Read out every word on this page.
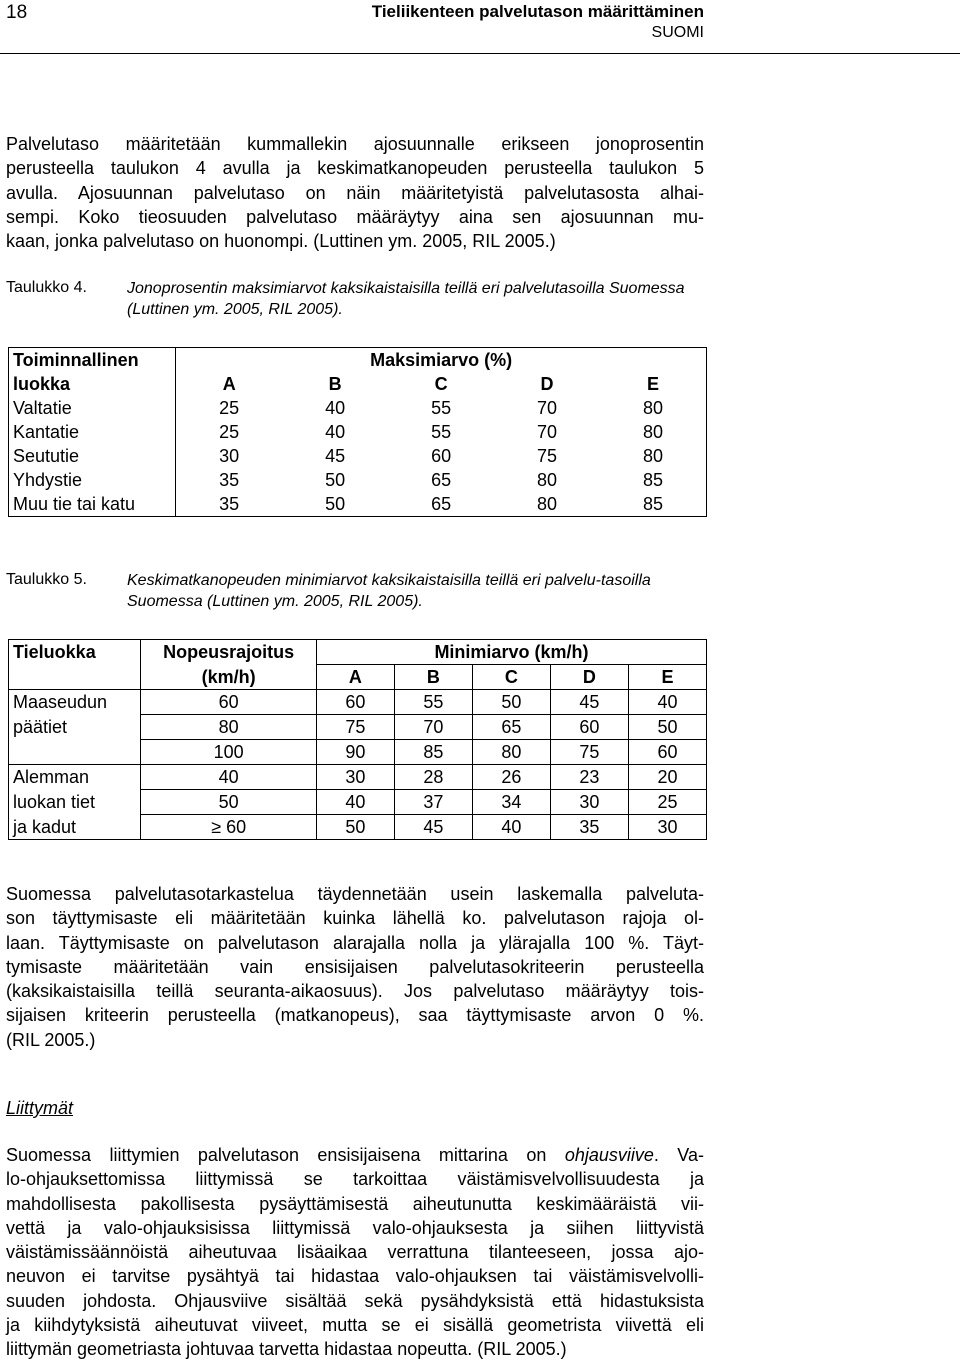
18	Tieliikenteen palvelutason määrittäminen
SUOMI
Palvelutaso määritetään kummallekin ajosuunnalle erikseen jonoprosentin
perusteella taulukon 4 avulla ja keskimatkanopeuden perusteella taulukon 5
avulla. Ajosuunnan palvelutaso on näin määritetyistä palvelutasosta alhai-
sempi. Koko tieosuuden palvelutaso määräytyy aina sen ajosuunnan mu-
kaan, jonka palvelutaso on huonompi. (Luttinen ym. 2005, RIL 2005.)
Taulukko 4.	Jonoprosentin maksimiarvot kaksikaistaisilla teillä eri palvelutasoilla Suomessa (Luttinen ym. 2005, RIL 2005).
Toiminnallinen	Maksimiarvo (%)				
luokka	A	B	C	D	E
Valtatie	25	40	55	70	80
Kantatie	25	40	55	70	80
Seututie	30	45	60	75	80
Yhdystie	35	50	65	80	85
Muu tie tai katu	35	50	65	80	85
Taulukko 5.	Keskimatkanopeuden minimiarvot kaksikaistaisilla teillä eri palvelu-tasoilla Suomessa (Luttinen ym. 2005, RIL 2005).
Tieluokka	Nopeusrajoitus	Minimiarvo (km/h)				
	(km/h)	A	B	C	D	E
Maaseudun	60	60	55	50	45	40
päätiet	80	75	70	65	60	50
	100	90	85	80	75	60
Alemman	40	30	28	26	23	20
luokan tiet	50	40	37	34	30	25
ja kadut	≥ 60	50	45	40	35	30
Suomessa palvelutasotarkastelua täydennetään usein laskemalla palveluta-
son täyttymisaste eli määritetään kuinka lähellä ko. palvelutason rajoja ol-
laan. Täyttymisaste on palvelutason alarajalla nolla ja ylärajalla 100 %. Täyt-
tymisaste määritetään vain ensisijaisen palvelutasokriteerin perusteella
(kaksikaistaisilla teillä seuranta-aikaosuus). Jos palvelutaso määräytyy tois-
sijaisen kriteerin perusteella (matkanopeus), saa täyttymisaste arvon 0 %.
(RIL 2005.)
Liittymät
Suomessa liittymien palvelutason ensisijaisena mittarina on ohjausviive. Va-
lo-ohjauksettomissa liittymissä se tarkoittaa väistämisvelvollisuudesta ja
mahdollisesta pakollisesta pysäyttämisestä aiheutunutta keskimääräistä vii-
vettä ja valo-ohjauksisissa liittymissä valo-ohjauksesta ja siihen liittyvistä
väistämissäännöistä aiheutuvaa lisäaikaa verrattuna tilanteeseen, jossa ajo-
neuvon ei tarvitse pysähtyä tai hidastaa valo-ohjauksen tai väistämisvelvolli-
suuden johdosta. Ohjausviive sisältää sekä pysähdyksistä että hidastuksista
ja kiihdytyksistä aiheutuvat viiveet, mutta se ei sisällä geometrista viivettä eli
liittymän geometriasta johtuvaa tarvetta hidastaa nopeutta. (RIL 2005.)
